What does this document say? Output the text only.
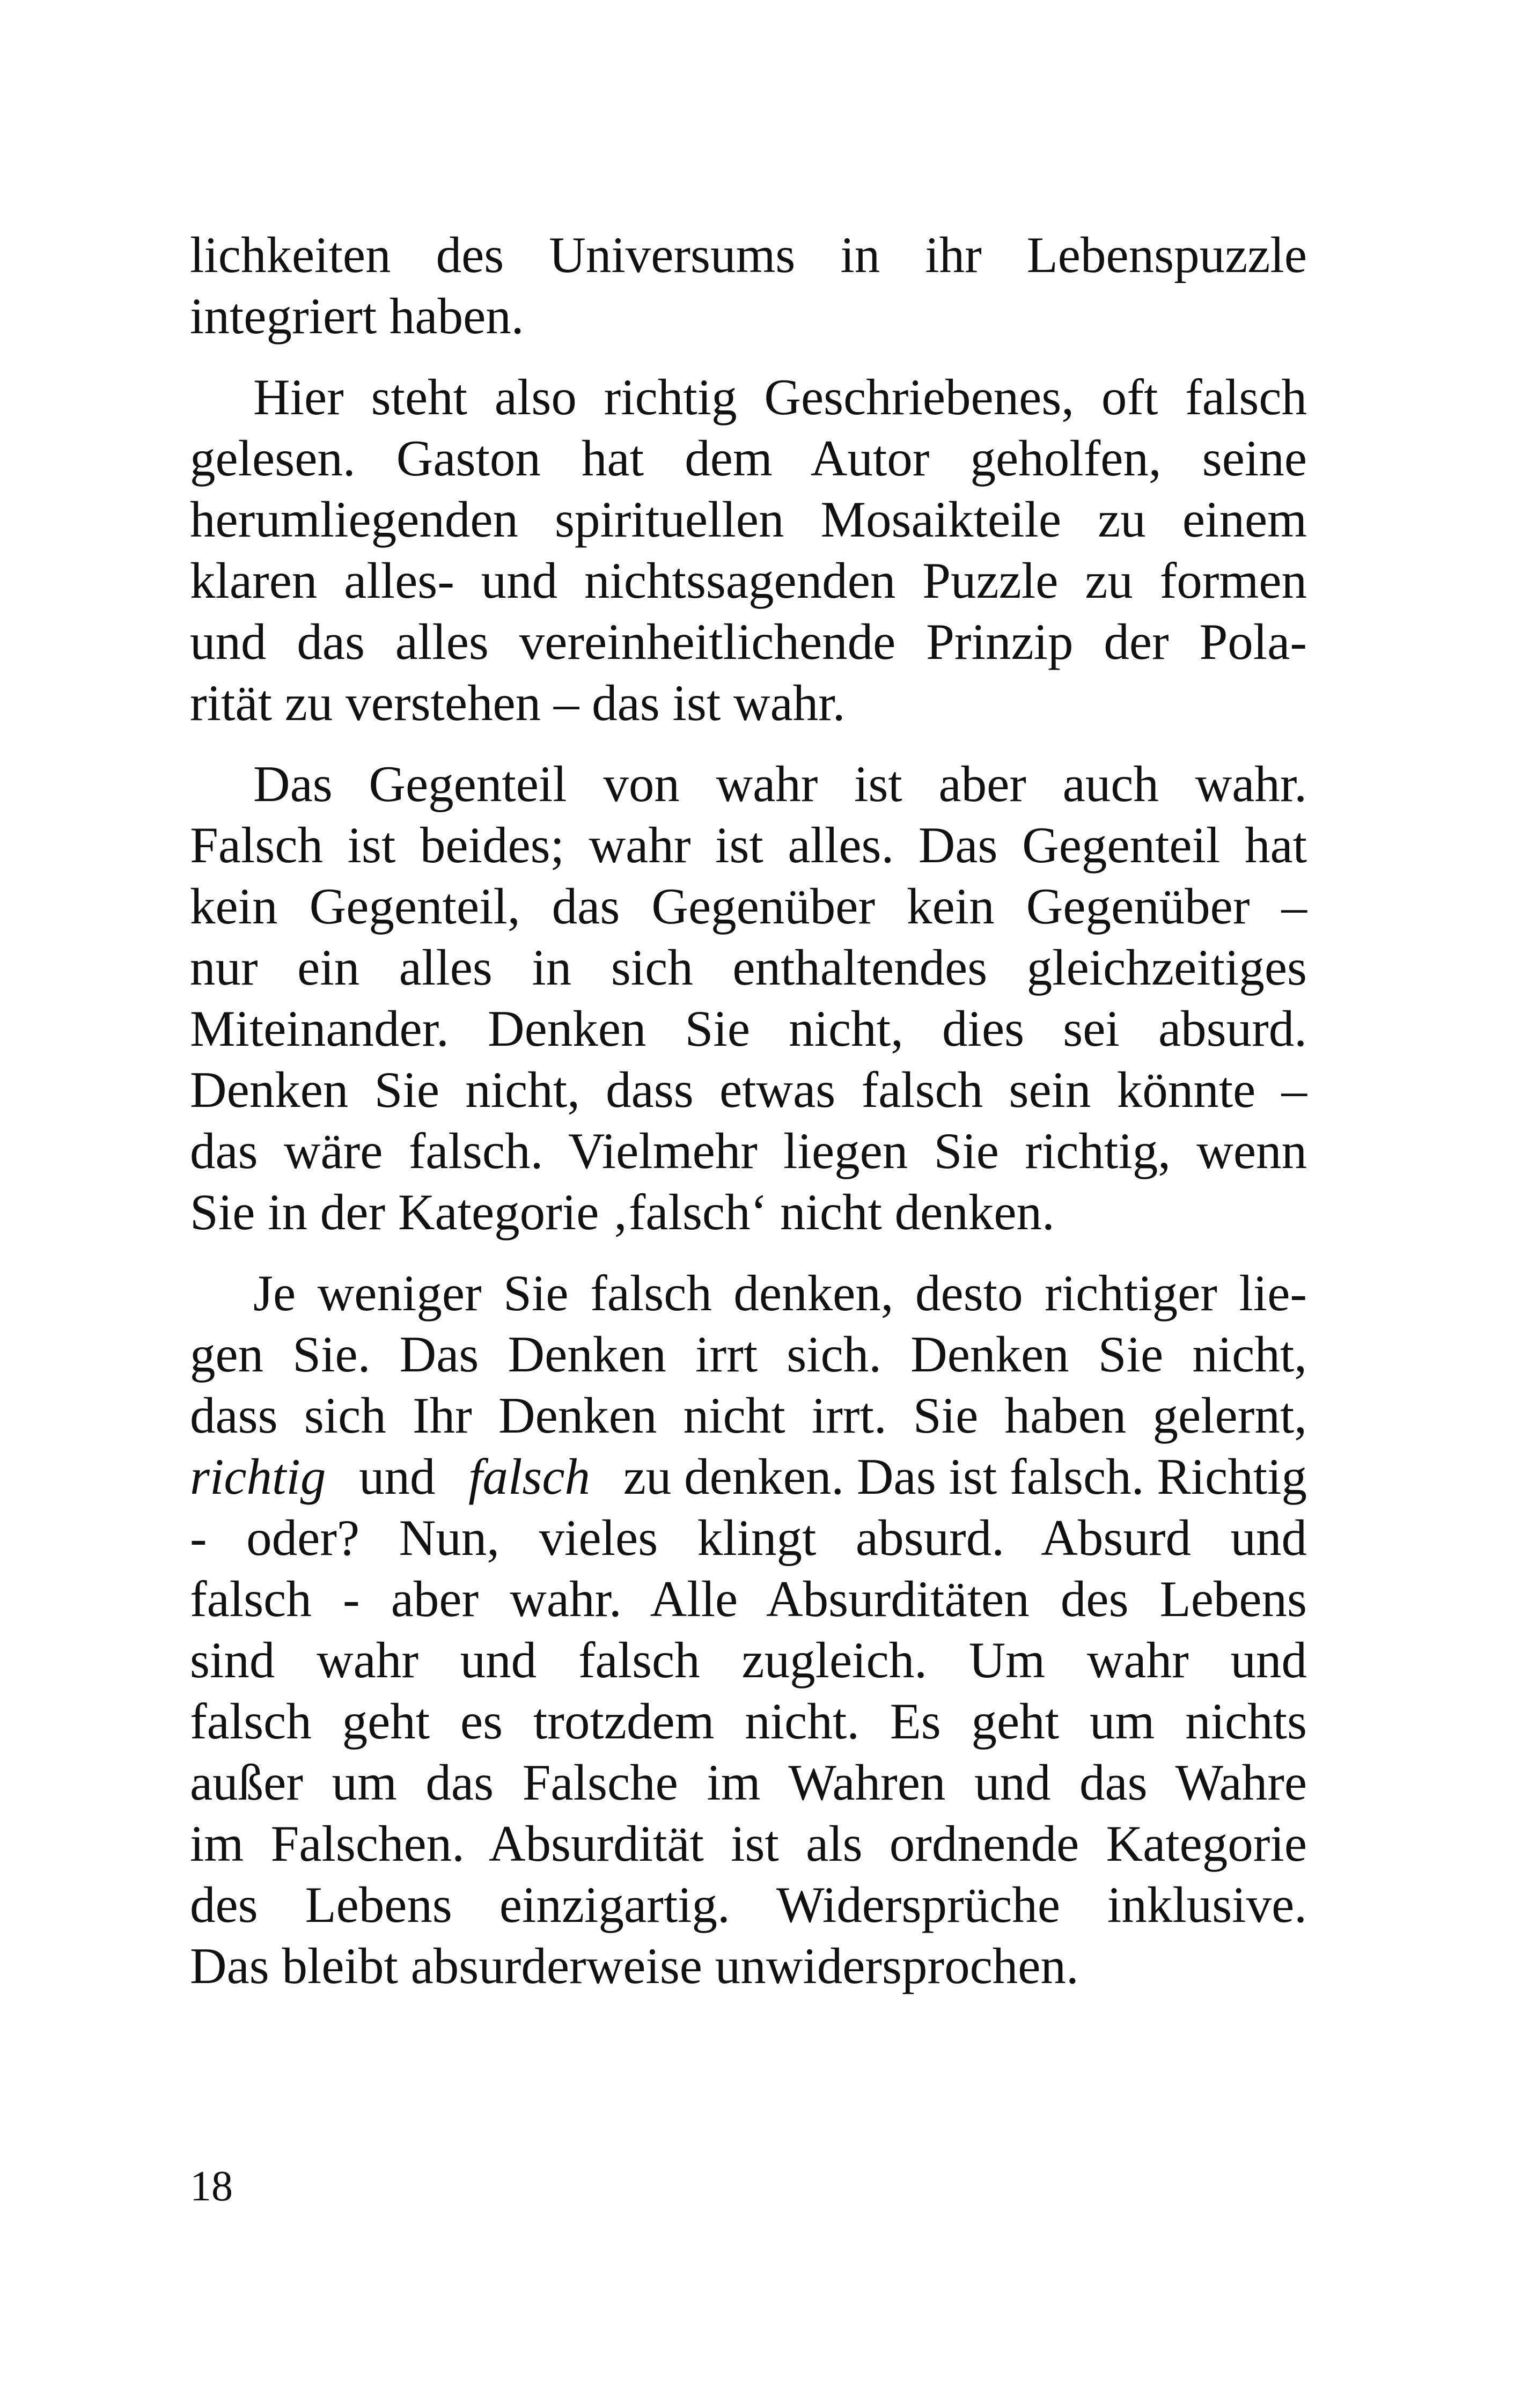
lichkeiten des Universums in ihr Lebenspuzzle
integriert haben.
Hier steht also richtig Geschriebenes, oft falsch
gelesen. Gaston hat dem Autor geholfen, seine
herumliegenden spirituellen Mosaikteile zu einem
klaren alles- und nichtssagenden Puzzle zu formen
und das alles vereinheitlichende Prinzip der Pola-
rität zu verstehen – das ist wahr.
Das Gegenteil von wahr ist aber auch wahr.
Falsch ist beides; wahr ist alles. Das Gegenteil hat
kein Gegenteil, das Gegenüber kein Gegenüber –
nur ein alles in sich enthaltendes gleichzeitiges
Miteinander. Denken Sie nicht, dies sei absurd.
Denken Sie nicht, dass etwas falsch sein könnte –
das wäre falsch. Vielmehr liegen Sie richtig, wenn
Sie in der Kategorie ‚falsch‘ nicht denken.
Je weniger Sie falsch denken, desto richtiger lie-
gen Sie. Das Denken irrt sich. Denken Sie nicht,
dass sich Ihr Denken nicht irrt. Sie haben gelernt,
richtig und falsch zu denken. Das ist falsch. Richtig
- oder? Nun, vieles klingt absurd. Absurd und
falsch - aber wahr. Alle Absurditäten des Lebens
sind wahr und falsch zugleich. Um wahr und
falsch geht es trotzdem nicht. Es geht um nichts
außer um das Falsche im Wahren und das Wahre
im Falschen. Absurdität ist als ordnende Kategorie
des Lebens einzigartig. Widersprüche inklusive.
Das bleibt absurderweise unwidersprochen.
18
